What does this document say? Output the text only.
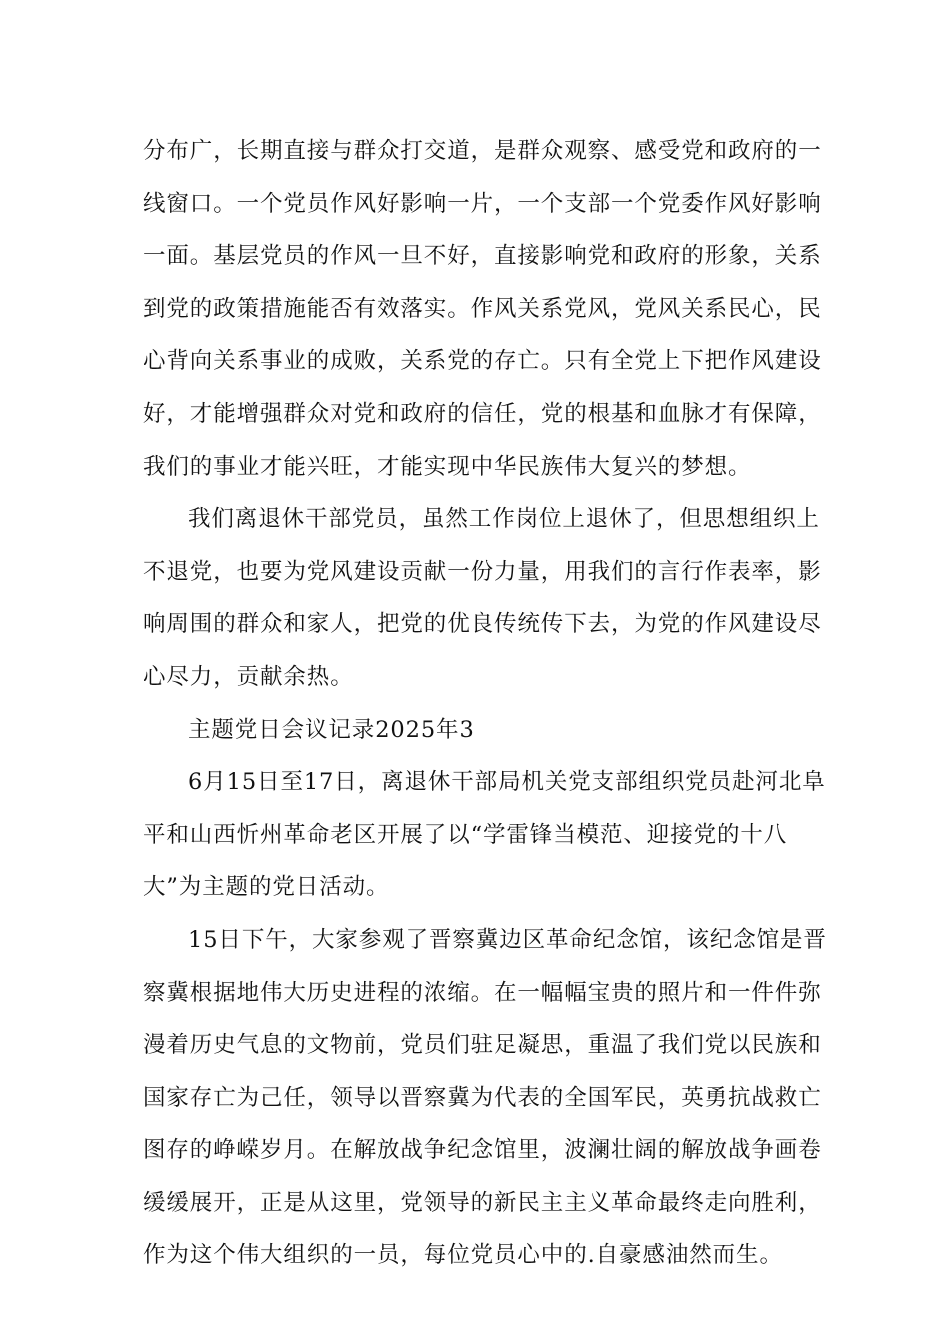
分布广，长期直接与群众打交道，是群众观察、感受党和政府的一
线窗口。一个党员作风好影响一片，一个支部一个党委作风好影响
一面。基层党员的作风一旦不好，直接影响党和政府的形象，关系
到党的政策措施能否有效落实。作风关系党风，党风关系民心，民
心背向关系事业的成败，关系党的存亡。只有全党上下把作风建设
好，才能增强群众对党和政府的信任，党的根基和血脉才有保障，
我们的事业才能兴旺，才能实现中华民族伟大复兴的梦想。
我们离退休干部党员，虽然工作岗位上退休了，但思想组织上
不退党，也要为党风建设贡献一份力量，用我们的言行作表率，影
响周围的群众和家人，把党的优良传统传下去，为党的作风建设尽
心尽力，贡献余热。
主题党日会议记录2025年3
6月15日至17日，离退休干部局机关党支部组织党员赴河北阜
平和山西忻州革命老区开展了以“学雷锋当模范、迎接党的十八
大”为主题的党日活动。
15日下午，大家参观了晋察冀边区革命纪念馆，该纪念馆是晋
察冀根据地伟大历史进程的浓缩。在一幅幅宝贵的照片和一件件弥
漫着历史气息的文物前，党员们驻足凝思，重温了我们党以民族和
国家存亡为己任，领导以晋察冀为代表的全国军民，英勇抗战救亡
图存的峥嵘岁月。在解放战争纪念馆里，波澜壮阔的解放战争画卷
缓缓展开，正是从这里，党领导的新民主主义革命最终走向胜利，
作为这个伟大组织的一员，每位党员心中的.自豪感油然而生。
